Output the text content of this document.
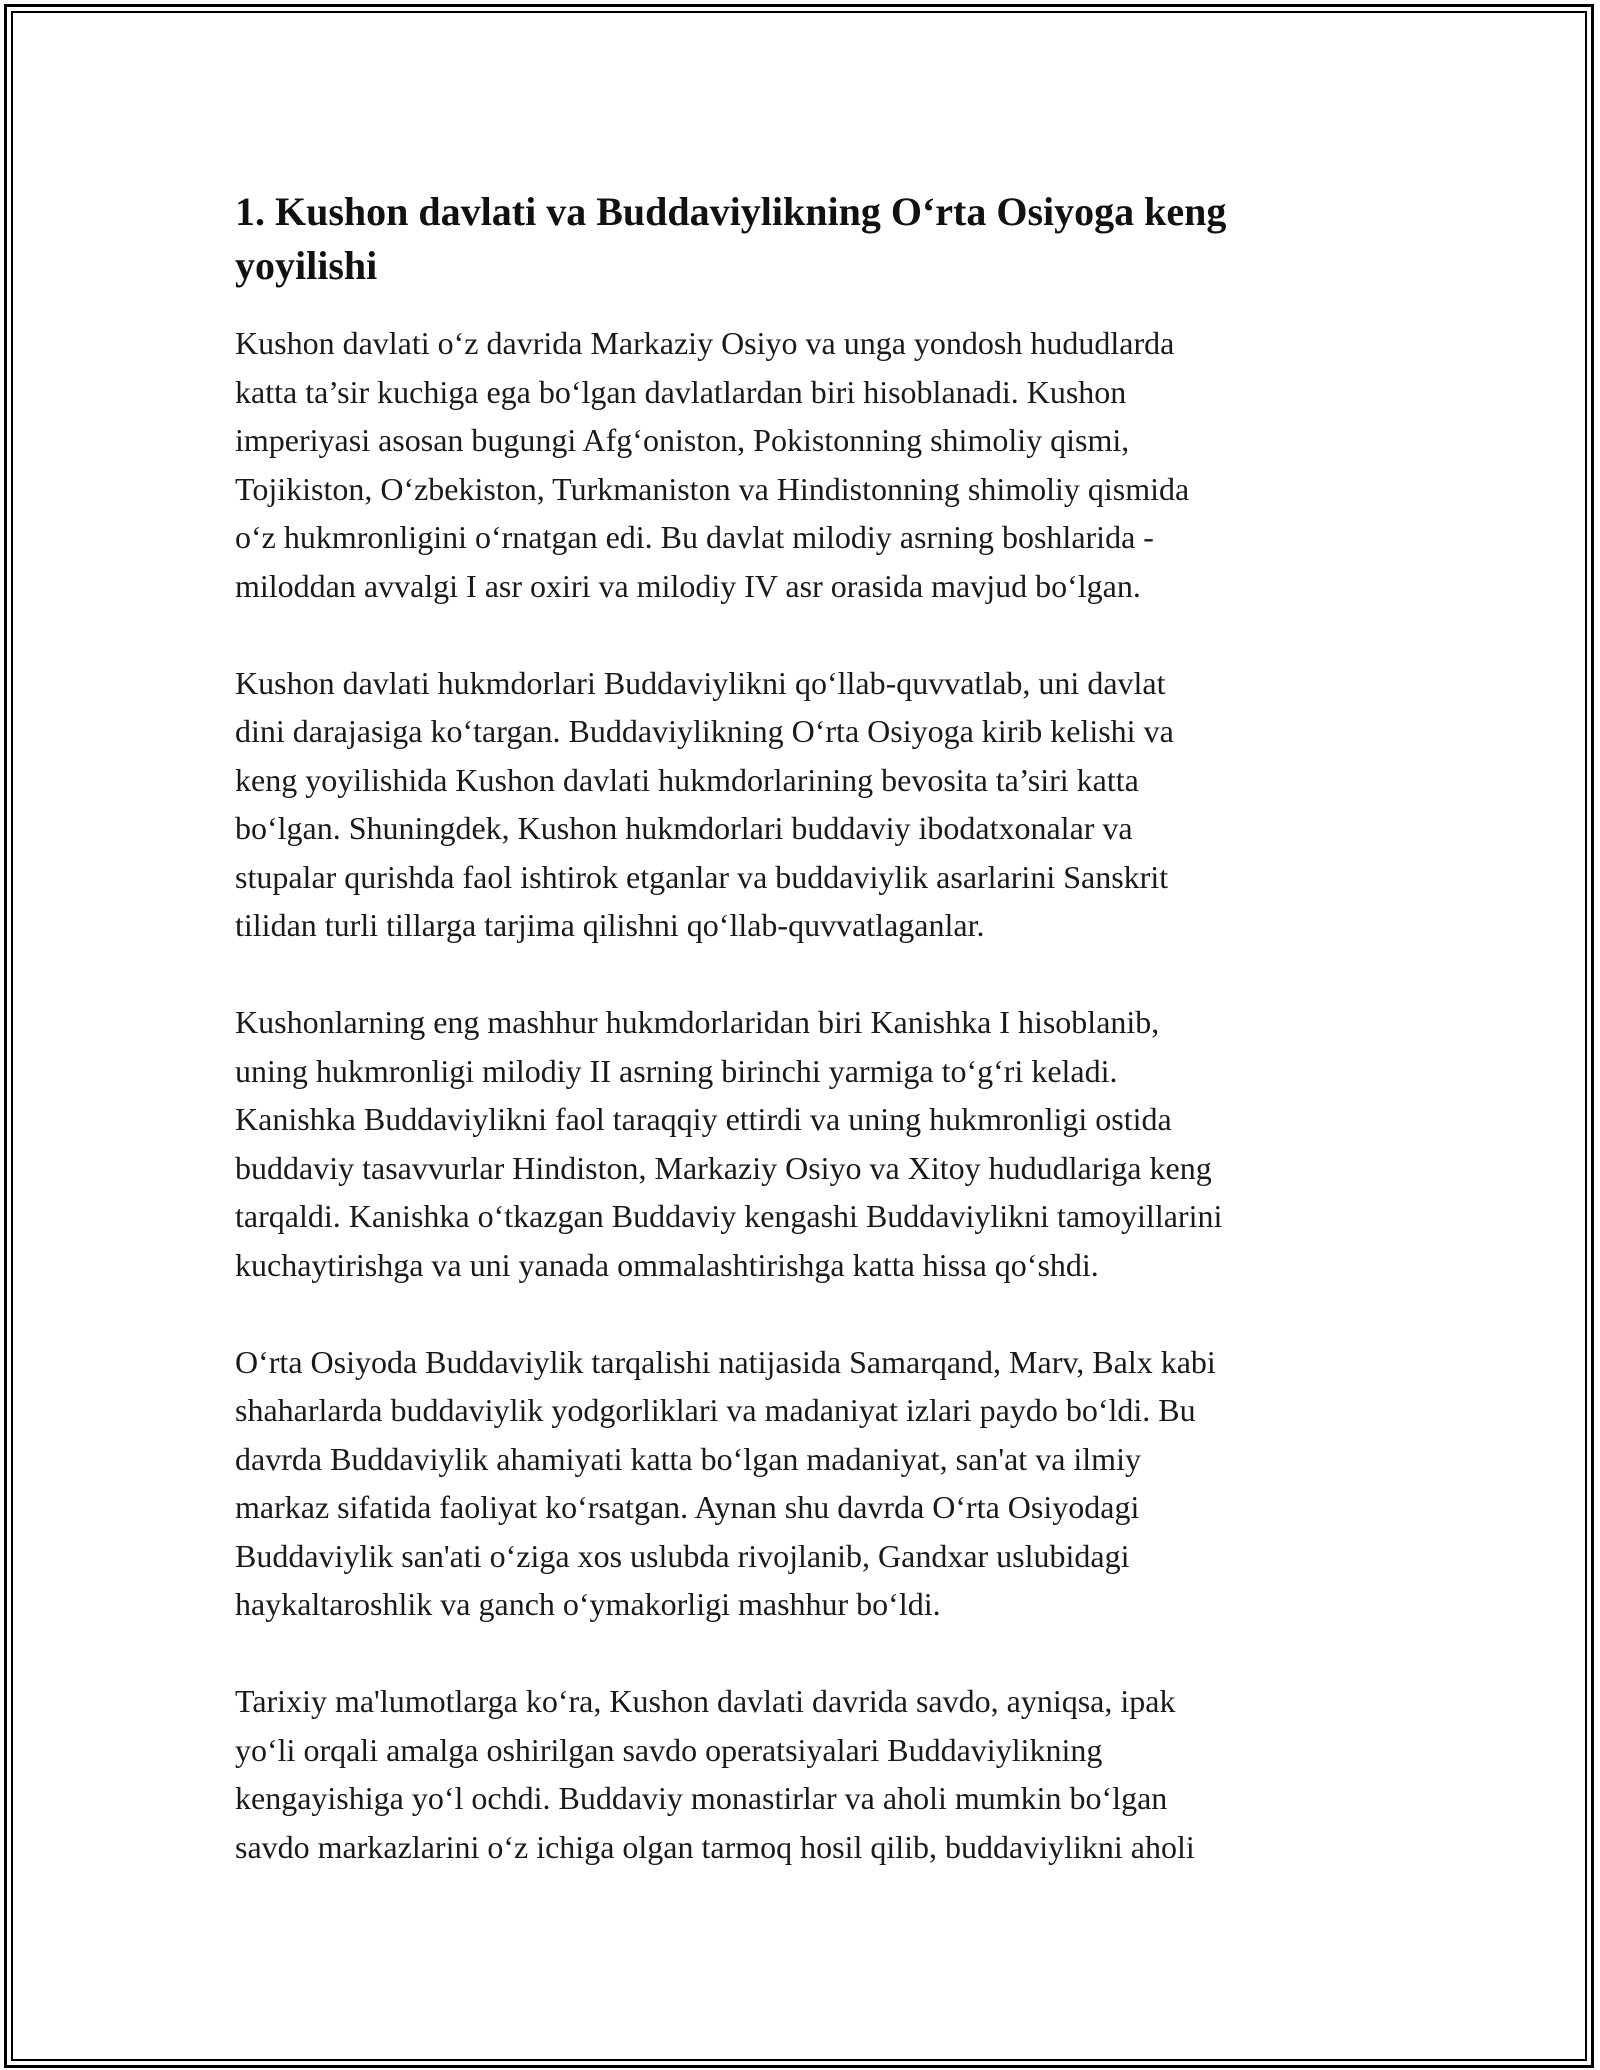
1. Kushon davlati va Buddaviylikning O‘rta Osiyoga keng
yoyilishi

Kushon davlati o‘z davrida Markaziy Osiyo va unga yondosh hududlarda
katta ta’sir kuchiga ega bo‘lgan davlatlardan biri hisoblanadi. Kushon
imperiyasi asosan bugungi Afg‘oniston, Pokistonning shimoliy qismi,
Tojikiston, O‘zbekiston, Turkmaniston va Hindistonning shimoliy qismida
o‘z hukmronligini o‘rnatgan edi. Bu davlat milodiy asrning boshlarida -
miloddan avvalgi I asr oxiri va milodiy IV asr orasida mavjud bo‘lgan.

Kushon davlati hukmdorlari Buddaviylikni qo‘llab-quvvatlab, uni davlat
dini darajasiga ko‘targan. Buddaviylikning O‘rta Osiyoga kirib kelishi va
keng yoyilishida Kushon davlati hukmdorlarining bevosita ta’siri katta
bo‘lgan. Shuningdek, Kushon hukmdorlari buddaviy ibodatxonalar va
stupalar qurishda faol ishtirok etganlar va buddaviylik asarlarini Sanskrit
tilidan turli tillarga tarjima qilishni qo‘llab-quvvatlaganlar.

Kushonlarning eng mashhur hukmdorlaridan biri Kanishka I hisoblanib,
uning hukmronligi milodiy II asrning birinchi yarmiga to‘g‘ri keladi.
Kanishka Buddaviylikni faol taraqqiy ettirdi va uning hukmronligi ostida
buddaviy tasavvurlar Hindiston, Markaziy Osiyo va Xitoy hududlariga keng
tarqaldi. Kanishka o‘tkazgan Buddaviy kengashi Buddaviylikni tamoyillarini
kuchaytirishga va uni yanada ommalashtirishga katta hissa qo‘shdi.

O‘rta Osiyoda Buddaviylik tarqalishi natijasida Samarqand, Marv, Balx kabi
shaharlarda buddaviylik yodgorliklari va madaniyat izlari paydo bo‘ldi. Bu
davrda Buddaviylik ahamiyati katta bo‘lgan madaniyat, san'at va ilmiy
markaz sifatida faoliyat ko‘rsatgan. Aynan shu davrda O‘rta Osiyodagi
Buddaviylik san'ati o‘ziga xos uslubda rivojlanib, Gandxar uslubidagi
haykaltaroshlik va ganch o‘ymakorligi mashhur bo‘ldi.

Tarixiy ma'lumotlarga ko‘ra, Kushon davlati davrida savdo, ayniqsa, ipak
yo‘li orqali amalga oshirilgan savdo operatsiyalari Buddaviylikning
kengayishiga yo‘l ochdi. Buddaviy monastirlar va aholi mumkin bo‘lgan
savdo markazlarini o‘z ichiga olgan tarmoq hosil qilib, buddaviylikni aholi
